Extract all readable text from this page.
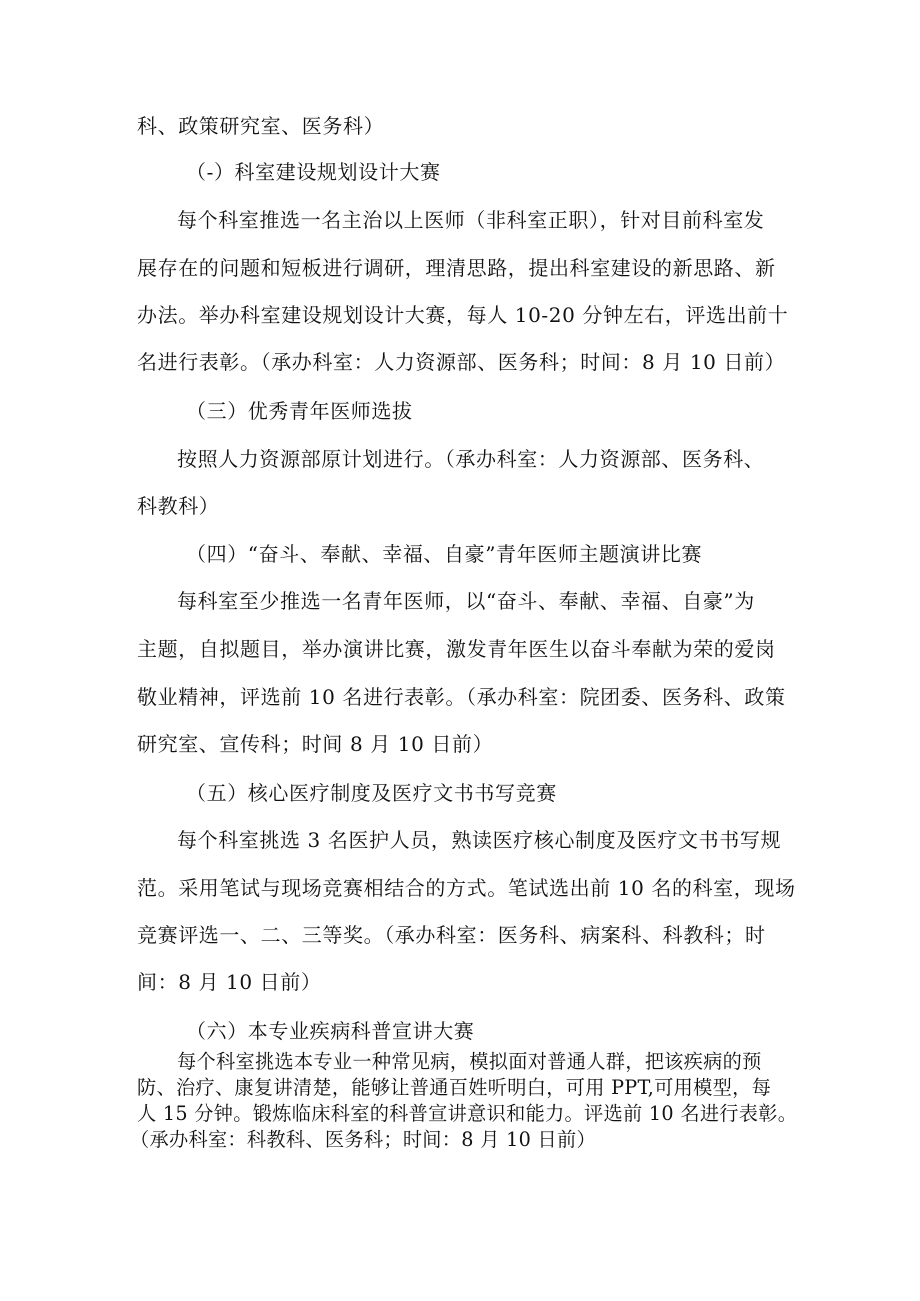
科、政策研究室、医务科）
（-）科室建设规划设计大赛
每个科室推选一名主治以上医师（非科室正职），针对目前科室发
展存在的问题和短板进行调研，理清思路，提出科室建设的新思路、新
办法。举办科室建设规划设计大赛，每人 10-20 分钟左右，评选出前十
名进行表彰。（承办科室：人力资源部、医务科；时间：8 月 10 日前）
（三）优秀青年医师选拔
按照人力资源部原计划进行。（承办科室：人力资源部、医务科、
科教科）
（四）“奋斗、奉献、幸福、自豪”青年医师主题演讲比赛
每科室至少推选一名青年医师，以“奋斗、奉献、幸福、自豪”为
主题，自拟题目，举办演讲比赛，激发青年医生以奋斗奉献为荣的爱岗
敬业精神，评选前 10 名进行表彰。（承办科室：院团委、医务科、政策
研究室、宣传科；时间 8 月 10 日前）
（五）核心医疗制度及医疗文书书写竞赛
每个科室挑选 3 名医护人员，熟读医疗核心制度及医疗文书书写规
范。采用笔试与现场竞赛相结合的方式。笔试选出前 10 名的科室，现场
竞赛评选一、二、三等奖。（承办科室：医务科、病案科、科教科；时
间：8 月 10 日前）
（六）本专业疾病科普宣讲大赛
每个科室挑选本专业一种常见病，模拟面对普通人群，把该疾病的预
防、治疗、康复讲清楚，能够让普通百姓听明白，可用 PPT,可用模型，每
人 15 分钟。锻炼临床科室的科普宣讲意识和能力。评选前 10 名进行表彰。
（承办科室：科教科、医务科；时间：8 月 10 日前）
